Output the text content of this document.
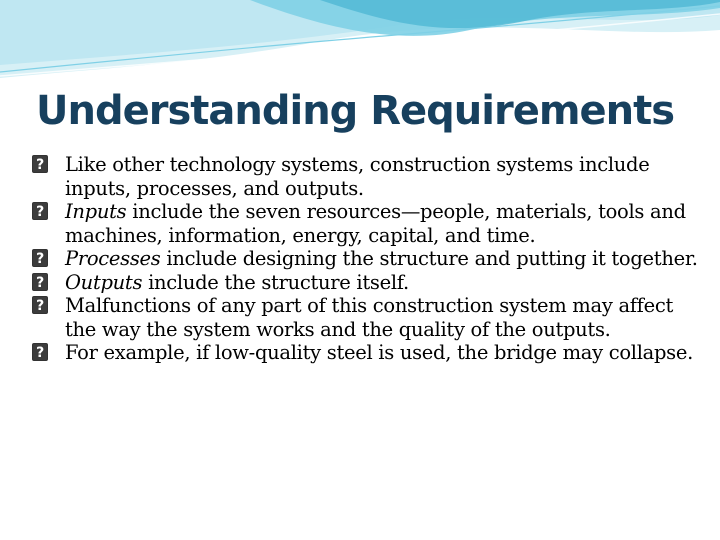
Understanding Requirements
?
Like other technology systems, construction systems include inputs, processes, and outputs.
?
Inputs include the seven resources—people, materials, tools and machines, information, energy, capital, and time.
?
Processes include designing the structure and putting it together.
?
Outputs include the structure itself.
?
Malfunctions of any part of this construction system may affect the way the system works and the quality of the outputs.
?
For example, if low-quality steel is used, the bridge may collapse.
